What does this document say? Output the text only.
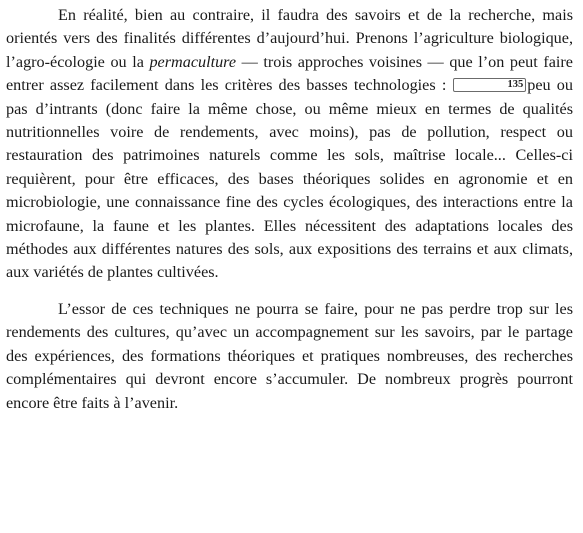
En réalité, bien au contraire, il faudra des savoirs et de la recherche, mais orientés vers des finalités différentes d’aujourd’hui. Prenons l’agriculture biologique, l’agro-écologie ou la permaculture — trois approches voisines — que l’on peut faire entrer assez facilement dans les critères des basses technologies :	135 peu ou pas d’intrants (donc faire la même chose, ou même mieux en termes de qualités nutritionnelles voire de rendements, avec moins), pas de pollution, respect ou restauration des patrimoines naturels comme les sols, maîtrise locale... Celles-ci requièrent, pour être efficaces, des bases théoriques solides en agronomie et en microbiologie, une connaissance fine des cycles écologiques, des interactions entre la microfaune, la faune et les plantes. Elles nécessitent des adaptations locales des méthodes aux différentes natures des sols, aux expositions des terrains et aux climats, aux variétés de plantes cultivées.

L’essor de ces techniques ne pourra se faire, pour ne pas perdre trop sur les rendements des cultures, qu’avec un accompagnement sur les savoirs, par le partage des expériences, des formations théoriques et pratiques nombreuses, des recherches complémentaires qui devront encore s’accumuler. De nombreux progrès pourront encore être faits à l’avenir.
